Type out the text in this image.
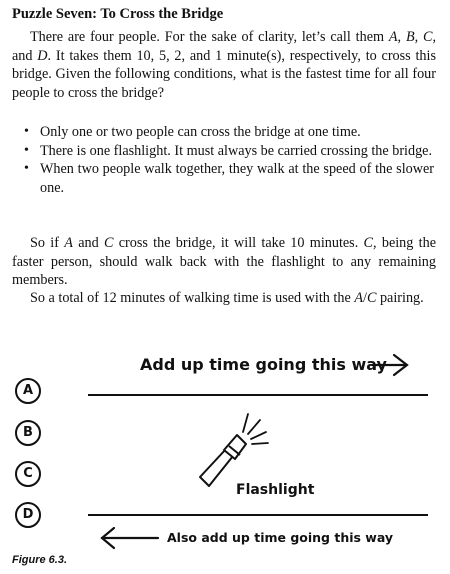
Puzzle Seven: To Cross the Bridge

There are four people. For the sake of clarity, let’s call them A, B, C, and D. It takes them 10, 5, 2, and 1 minute(s), respectively, to cross this bridge. Given the following conditions, what is the fastest time for all four people to cross the bridge?

• Only one or two people can cross the bridge at one time.
• There is one flashlight. It must always be carried crossing the bridge.
• When two people walk together, they walk at the speed of the slower one.

So if A and C cross the bridge, it will take 10 minutes. C, being the faster person, should walk back with the flashlight to any remaining members.

So a total of 12 minutes of walking time is used with the A/C pairing.

Add up time going this way
Flashlight
Also add up time going this way
A
B
C
D
Figure 6.3.
